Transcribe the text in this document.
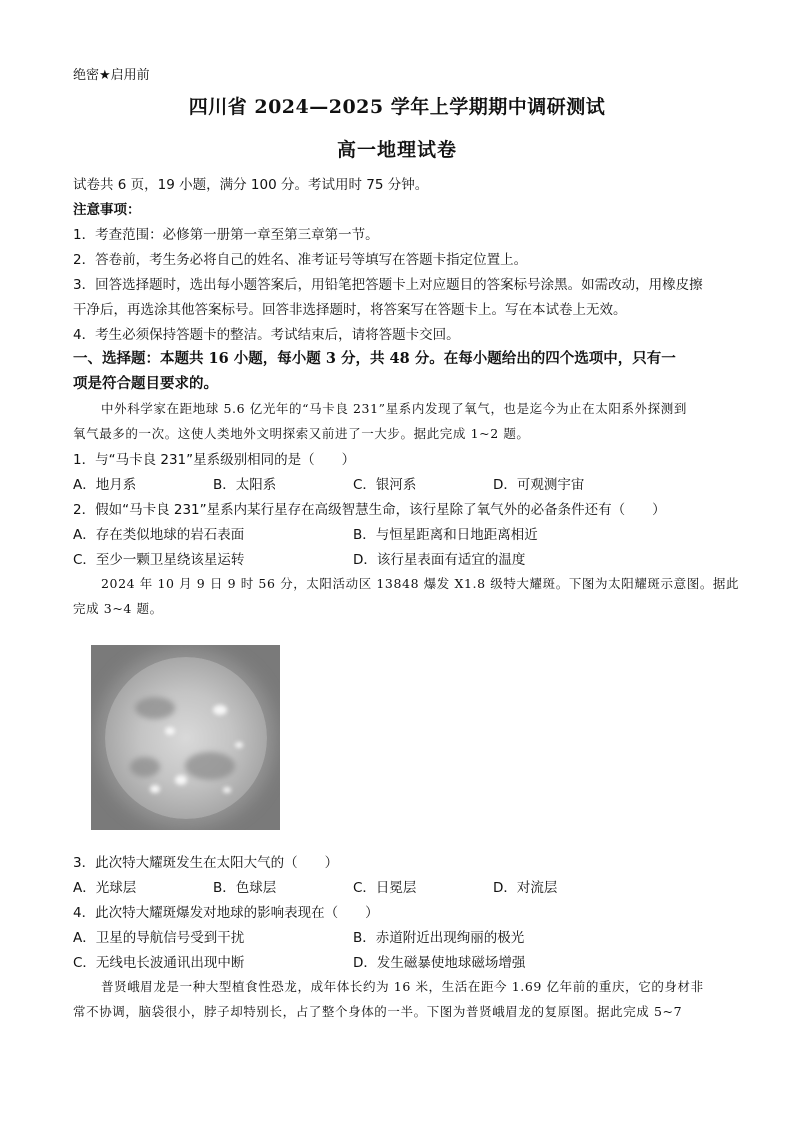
绝密★启用前
四川省 2024—2025 学年上学期期中调研测试
高一地理试卷
试卷共 6 页，19 小题，满分 100 分。考试用时 75 分钟。
注意事项：
1．考查范围：必修第一册第一章至第三章第一节。
2．答卷前，考生务必将自己的姓名、准考证号等填写在答题卡指定位置上。
3．回答选择题时，选出每小题答案后，用铅笔把答题卡上对应题目的答案标号涂黑。如需改动，用橡皮擦
干净后，再选涂其他答案标号。回答非选择题时，将答案写在答题卡上。写在本试卷上无效。
4．考生必须保持答题卡的整洁。考试结束后，请将答题卡交回。
一、选择题：本题共 16 小题，每小题 3 分，共 48 分。在每小题给出的四个选项中，只有一
项是符合题目要求的。
中外科学家在距地球 5.6 亿光年的“马卡良 231”星系内发现了氧气，也是迄今为止在太阳系外探测到
氧气最多的一次。这使人类地外文明探索又前进了一大步。据此完成 1~2 题。
1．与“马卡良 231”星系级别相同的是（　　）
A．地月系	B．太阳系	C．银河系	D．可观测宇宙
2．假如“马卡良 231”星系内某行星存在高级智慧生命，该行星除了氧气外的必备条件还有（　　）
A．存在类似地球的岩石表面	B．与恒星距离和日地距离相近
C．至少一颗卫星绕该星运转	D．该行星表面有适宜的温度
2024 年 10 月 9 日 9 时 56 分，太阳活动区 13848 爆发 X1.8 级特大耀斑。下图为太阳耀斑示意图。据此
完成 3~4 题。
3．此次特大耀斑发生在太阳大气的（　　）
A．光球层	B．色球层	C．日冕层	D．对流层
4．此次特大耀斑爆发对地球的影响表现在（　　）
A．卫星的导航信号受到干扰	B．赤道附近出现绚丽的极光
C．无线电长波通讯出现中断	D．发生磁暴使地球磁场增强
普贤峨眉龙是一种大型植食性恐龙，成年体长约为 16 米，生活在距今 1.69 亿年前的重庆，它的身材非
常不协调，脑袋很小，脖子却特别长，占了整个身体的一半。下图为普贤峨眉龙的复原图。据此完成 5~7
